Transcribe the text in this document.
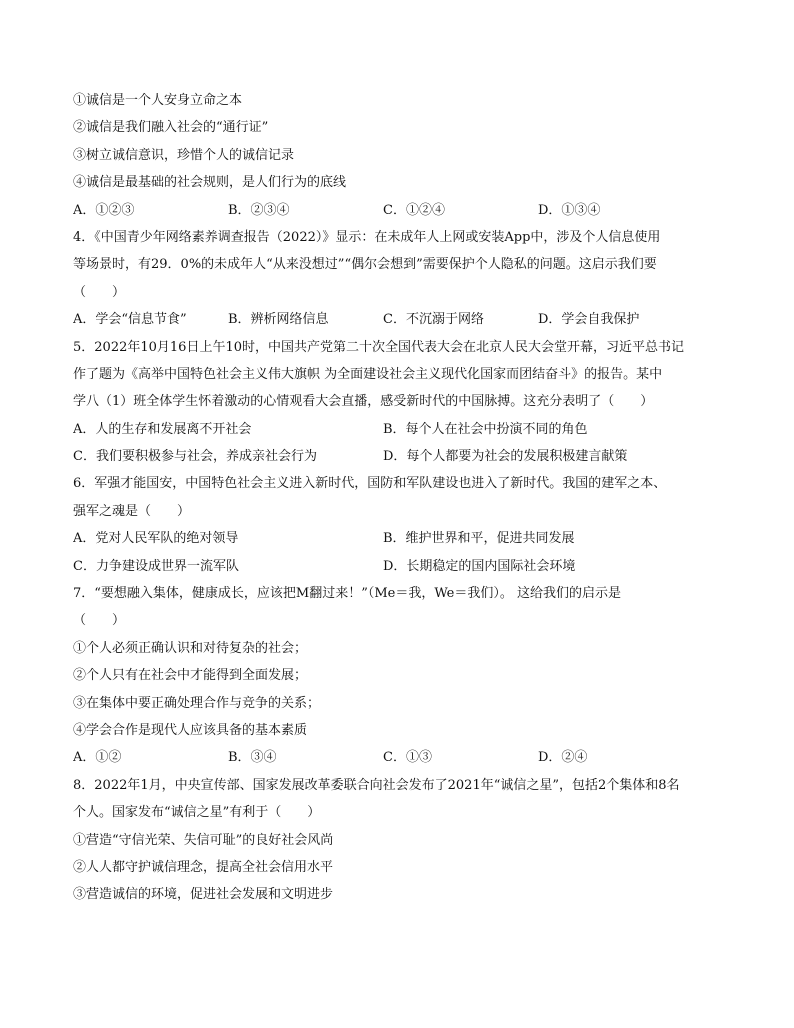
①诚信是一个人安身立命之本
②诚信是我们融入社会的“通行证”
③树立诚信意识，珍惜个人的诚信记录
④诚信是最基础的社会规则，是人们行为的底线
A．①②③	B．②③④	C．①②④	D．①③④
4．《中国青少年网络素养调查报告（2022）》显示：在未成年人上网或安装App中，涉及个人信息使用
等场景时，有29．0%的未成年人“从来没想过”“偶尔会想到”需要保护个人隐私的问题。这启示我们要
（　　）
A．学会“信息节食”	B．辨析网络信息	C．不沉溺于网络	D．学会自我保护
5．2022年10月16日上午10时，中国共产党第二十次全国代表大会在北京人民大会堂开幕，习近平总书记
作了题为《高举中国特色社会主义伟大旗帜 为全面建设社会主义现代化国家而团结奋斗》的报告。某中
学八（1）班全体学生怀着激动的心情观看大会直播，感受新时代的中国脉搏。这充分表明了（　　）
A．人的生存和发展离不开社会	B．每个人在社会中扮演不同的角色
C．我们要积极参与社会，养成亲社会行为	D．每个人都要为社会的发展积极建言献策
6．军强才能国安，中国特色社会主义进入新时代，国防和军队建设也进入了新时代。我国的建军之本、
强军之魂是（　　）
A．党对人民军队的绝对领导	B．维护世界和平，促进共同发展
C．力争建设成世界一流军队	D．长期稳定的国内国际社会环境
7．“要想融入集体，健康成长，应该把M翻过来！”（Me＝我，We＝我们）。 这给我们的启示是
（　　）
①个人必须正确认识和对待复杂的社会；
②个人只有在社会中才能得到全面发展；
③在集体中要正确处理合作与竞争的关系；
④学会合作是现代人应该具备的基本素质
A．①②	B．③④	C．①③	D．②④
8．2022年1月，中央宣传部、国家发展改革委联合向社会发布了2021年“诚信之星”，包括2个集体和8名
个人。国家发布“诚信之星”有利于（　　）
①营造“守信光荣、失信可耻”的良好社会风尚
②人人都守护诚信理念，提高全社会信用水平
③营造诚信的环境，促进社会发展和文明进步
